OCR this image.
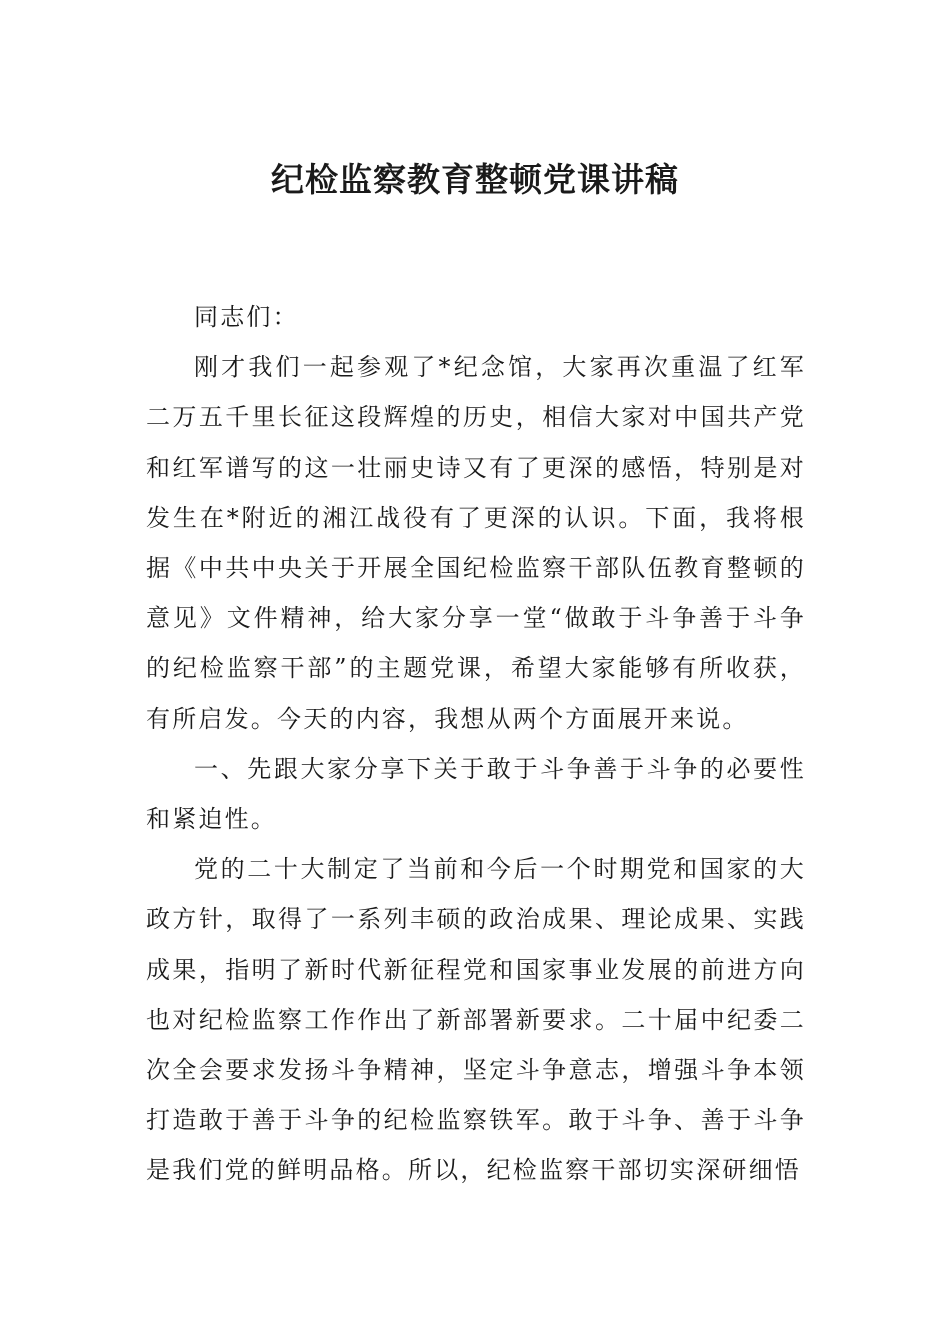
纪检监察教育整顿党课讲稿

同志们：

刚才我们一起参观了*纪念馆，大家再次重温了红军二万五千里长征这段辉煌的历史，相信大家对中国共产党和红军谱写的这一壮丽史诗又有了更深的感悟，特别是对发生在*附近的湘江战役有了更深的认识。下面，我将根据《中共中央关于开展全国纪检监察干部队伍教育整顿的意见》文件精神，给大家分享一堂“做敢于斗争善于斗争的纪检监察干部”的主题党课，希望大家能够有所收获，有所启发。今天的内容，我想从两个方面展开来说。

一、先跟大家分享下关于敢于斗争善于斗争的必要性和紧迫性。

党的二十大制定了当前和今后一个时期党和国家的大政方针，取得了一系列丰硕的政治成果、理论成果、实践成果，指明了新时代新征程党和国家事业发展的前进方向也对纪检监察工作作出了新部署新要求。二十届中纪委二次全会要求发扬斗争精神，坚定斗争意志，增强斗争本领打造敢于善于斗争的纪检监察铁军。敢于斗争、善于斗争是我们党的鲜明品格。所以，纪检监察干部切实深研细悟
